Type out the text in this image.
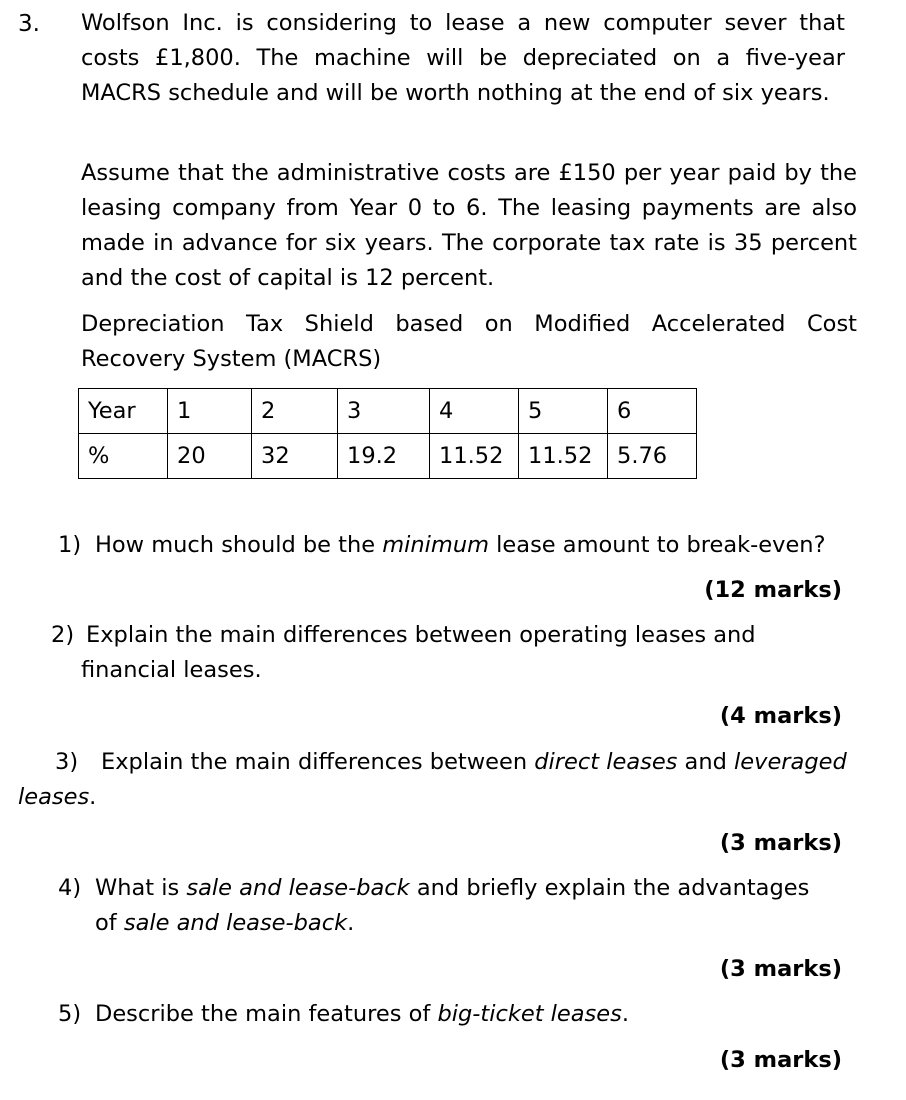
3. Wolfson Inc. is considering to lease a new computer sever that costs £1,800. The machine will be depreciated on a five-year MACRS schedule and will be worth nothing at the end of six years.

Assume that the administrative costs are £150 per year paid by the leasing company from Year 0 to 6. The leasing payments are also made in advance for six years. The corporate tax rate is 35 percent and the cost of capital is 12 percent.

Depreciation Tax Shield based on Modified Accelerated Cost Recovery System (MACRS)

Year	1	2	3	4	5	6
%	20	32	19.2	11.52	11.52	5.76
1) How much should be the minimum lease amount to break-even?
(12 marks)
2) Explain the main differences between operating leases and
financial leases.
(4 marks)
3) Explain the main differences between direct leases and leveraged
leases.
(3 marks)
4) What is sale and lease-back and briefly explain the advantages
of sale and lease-back.
(3 marks)
5) Describe the main features of big-ticket leases.
(3 marks)
